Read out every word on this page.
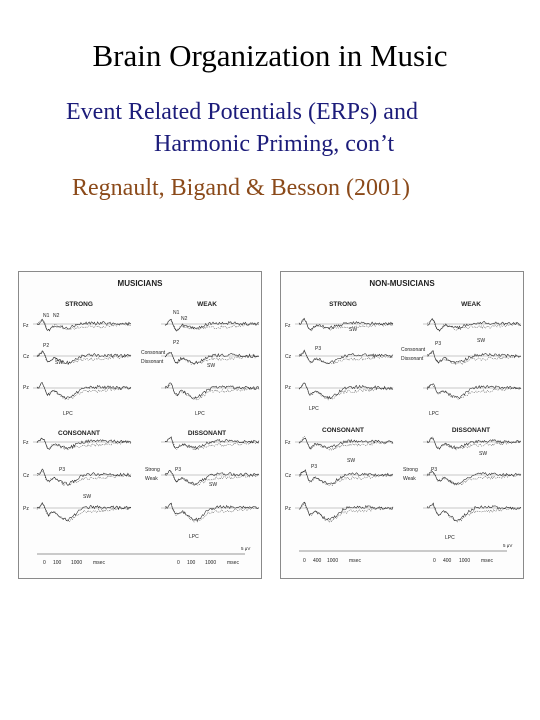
Brain Organization in Music
Event Related Potentials (ERPs) and
Harmonic Priming, con’t
Regnault, Bigand & Besson (2001)
MUSICIANS
STRONG	WEAK
CONSONANT	DISSONANT
Fz
Cz
Pz
Fz
Cz
Pz
N1 N2
P2
SW
LPC
N1
N2
P2
SW
LPC
P3
SW
P3
SW
LPC
Consonant
Dissonant
Strong
Weak
0 100 1000 msec	0 100 1000 msec
5 μV
NON-MUSICIANS
STRONG	WEAK
CONSONANT	DISSONANT
Fz
Cz
Pz
Fz
Cz
Pz
P3
SW
LPC
P3	SW
LPC
P3
SW
P3
SW
LPC
Consonant
Dissonant
Strong
Weak
0 400 1000 msec	0 400 1000 msec
5 μV
